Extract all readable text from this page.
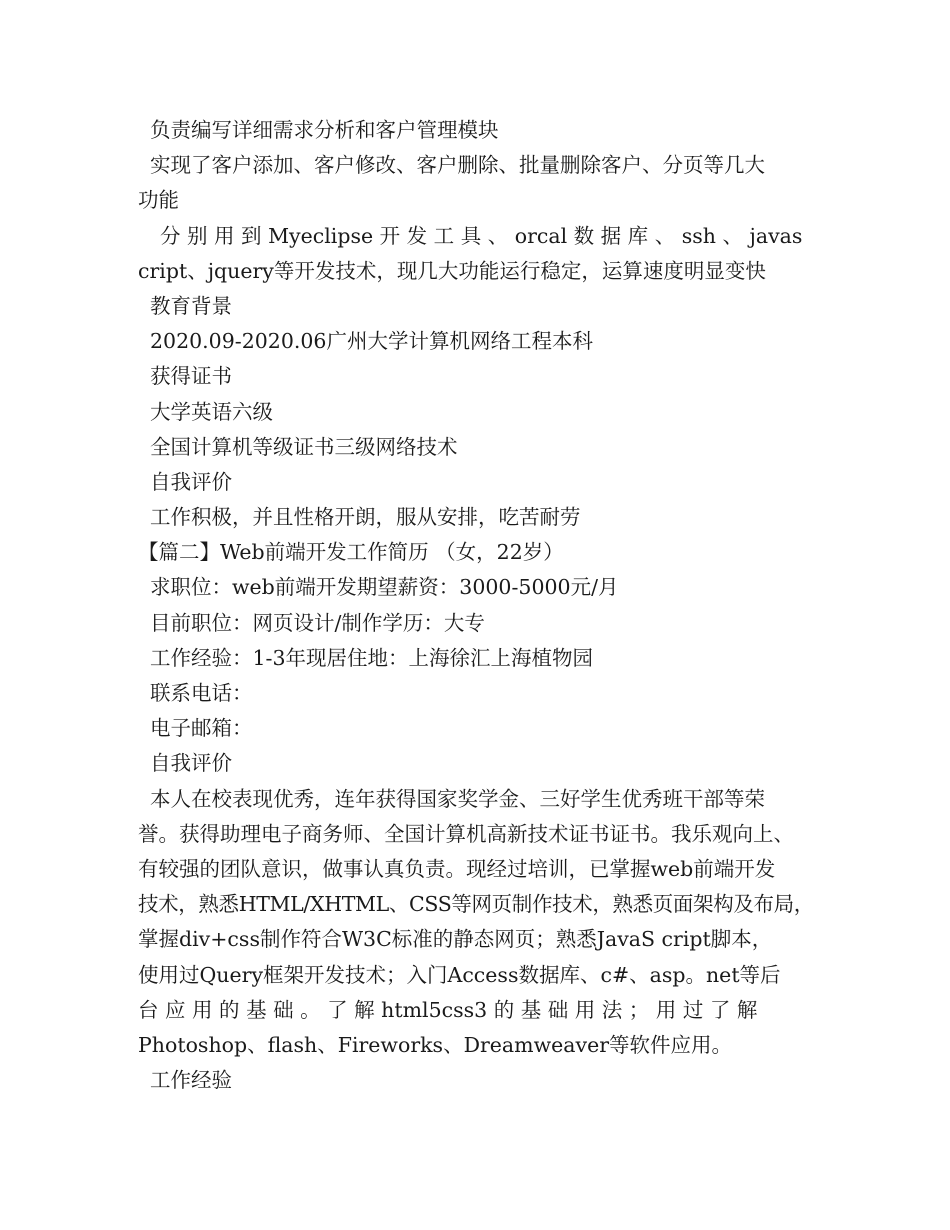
负责编写详细需求分析和客户管理模块
实现了客户添加、客户修改、客户删除、批量删除客户、分页等几大
功能
分 别 用 到 Myeclipse 开 发 工 具 、 orcal 数 据 库 、 ssh 、 javas
cript、jquery等开发技术，现几大功能运行稳定，运算速度明显变快
教育背景
2020.09-2020.06广州大学计算机网络工程本科
获得证书
大学英语六级
全国计算机等级证书三级网络技术
自我评价
工作积极，并且性格开朗，服从安排，吃苦耐劳
【篇二】Web前端开发工作简历 （女，22岁）
求职位：web前端开发期望薪资：3000-5000元/月
目前职位：网页设计/制作学历：大专
工作经验：1-3年现居住地：上海徐汇上海植物园
联系电话：
电子邮箱：
自我评价
本人在校表现优秀，连年获得国家奖学金、三好学生优秀班干部等荣
誉。获得助理电子商务师、全国计算机高新技术证书证书。我乐观向上、
有较强的团队意识，做事认真负责。现经过培训，已掌握web前端开发
技术，熟悉HTML/XHTML、CSS等网页制作技术，熟悉页面架构及布局，
掌握div+css制作符合W3C标准的静态网页；熟悉JavaS cript脚本，
使用过Query框架开发技术；入门Access数据库、c#、asp。net等后
台 应 用 的 基 础 。 了 解 html5css3 的 基 础 用 法 ； 用 过 了 解
Photoshop、flash、Fireworks、Dreamweaver等软件应用。
工作经验
